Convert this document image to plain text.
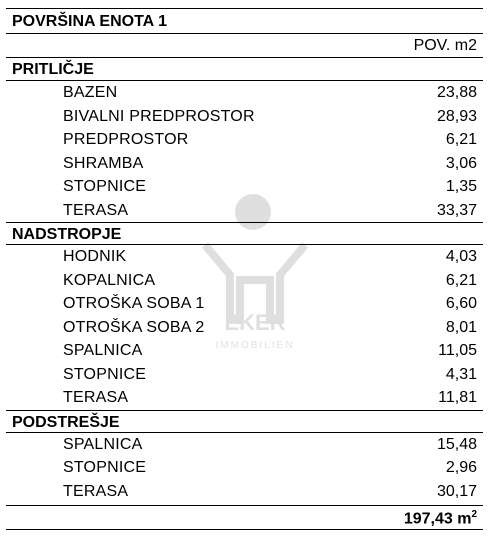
POVRŠINA ENOTA 1
POV. m2
PRITLIČJE
BAZEN	23,88
BIVALNI PREDPROSTOR	28,93
PREDPROSTOR	6,21
SHRAMBA	3,06
STOPNICE	1,35
TERASA	33,37
NADSTROPJE
HODNIK	4,03
KOPALNICA	6,21
OTROŠKA SOBA 1	6,60
OTROŠKA SOBA 2	8,01
SPALNICA	11,05
STOPNICE	4,31
TERASA	11,81
PODSTREŠJE
SPALNICA	15,48
STOPNICE	2,96
TERASA	30,17
197,43 $m^2$
EKER
IMMOBILIEN
